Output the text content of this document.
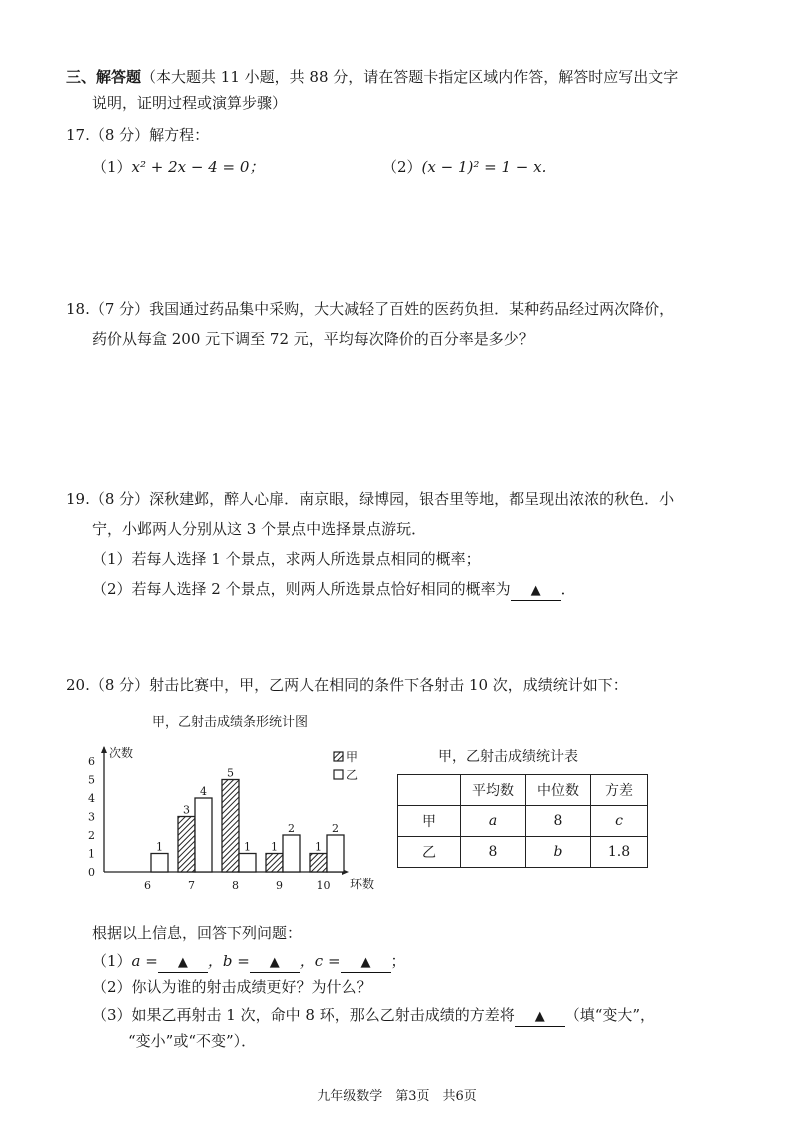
三、解答题（本大题共 11 小题，共 88 分，请在答题卡指定区域内作答，解答时应写出文字
说明，证明过程或演算步骤）
17.（8 分）解方程：
（1）x² + 2x − 4 = 0；	（2）(x − 1)² = 1 − x.
18.（7 分）我国通过药品集中采购，大大减轻了百姓的医药负担．某种药品经过两次降价，
药价从每盒 200 元下调至 72 元，平均每次降价的百分率是多少？
19.（8 分）深秋建邺，醉人心扉．南京眼，绿博园，银杏里等地，都呈现出浓浓的秋色．小
宁，小邺两人分别从这 3 个景点中选择景点游玩．
（1）若每人选择 1 个景点，求两人所选景点相同的概率；
（2）若每人选择 2 个景点，则两人所选景点恰好相同的概率为 ▲ ．
20.（8 分）射击比赛中，甲，乙两人在相同的条件下各射击 10 次，成绩统计如下：
甲，乙射击成绩条形统计图
次数
环数
0
1
2
3
4
5
6
1
6
3
4
7
5
1
8
1
2
9
1
2
10
甲
乙
甲，乙射击成绩统计表
	平均数	中位数	方差
甲	a	8	c
乙	8	b	1.8
根据以上信息，回答下列问题：
（1）a = ▲ ，b = ▲ ，c = ▲ ；
（2）你认为谁的射击成绩更好？为什么？
（3）如果乙再射击 1 次，命中 8 环，那么乙射击成绩的方差将 ▲ （填“变大”，
“变小”或“不变”）．
九年级数学　第3页　共6页
